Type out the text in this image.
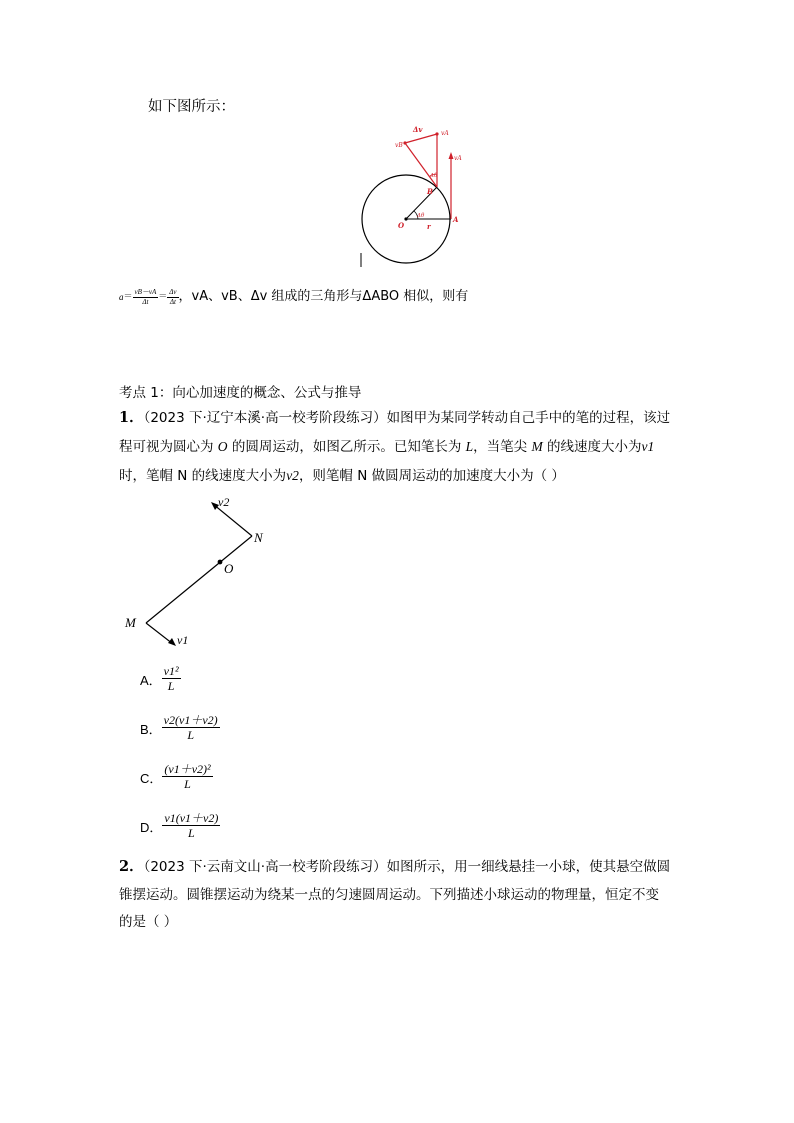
如下图所示：
Δv	vA
vB
vA
Δθ
B
O
Δθ	A
r
$a = \frac{vB-vA}{\Delta t} = \frac{\Delta v}{\Delta t}$ ，vA、vB、Δv 组成的三角形与ΔABO 相似，则有
考点 1：向心加速度的概念、公式与推导
1．（2023 下·辽宁本溪·高一校考阶段练习）如图甲为某同学转动自己手中的笔的过程，该过
程可视为圆心为 O 的圆周运动，如图乙所示。已知笔长为 L，当笔尖 M 的线速度大小为v1
时，笔帽 N 的线速度大小为v2，则笔帽 N 做圆周运动的加速度大小为（ ）
v2
N
O
M
v1
A． $\frac{\text{v1²}}{L}$
B． $\frac{v2(v1+v2)}{L}$
C． $\frac{\text{(v1＋v2)²}}{L}$
D． $\frac{v1(v1+v2)}{L}$
2．（2023 下·云南文山·高一校考阶段练习）如图所示，用一细线悬挂一小球，使其悬空做圆
锥摆运动。圆锥摆运动为绕某一点的匀速圆周运动。下列描述小球运动的物理量，恒定不变
的是（ ）
